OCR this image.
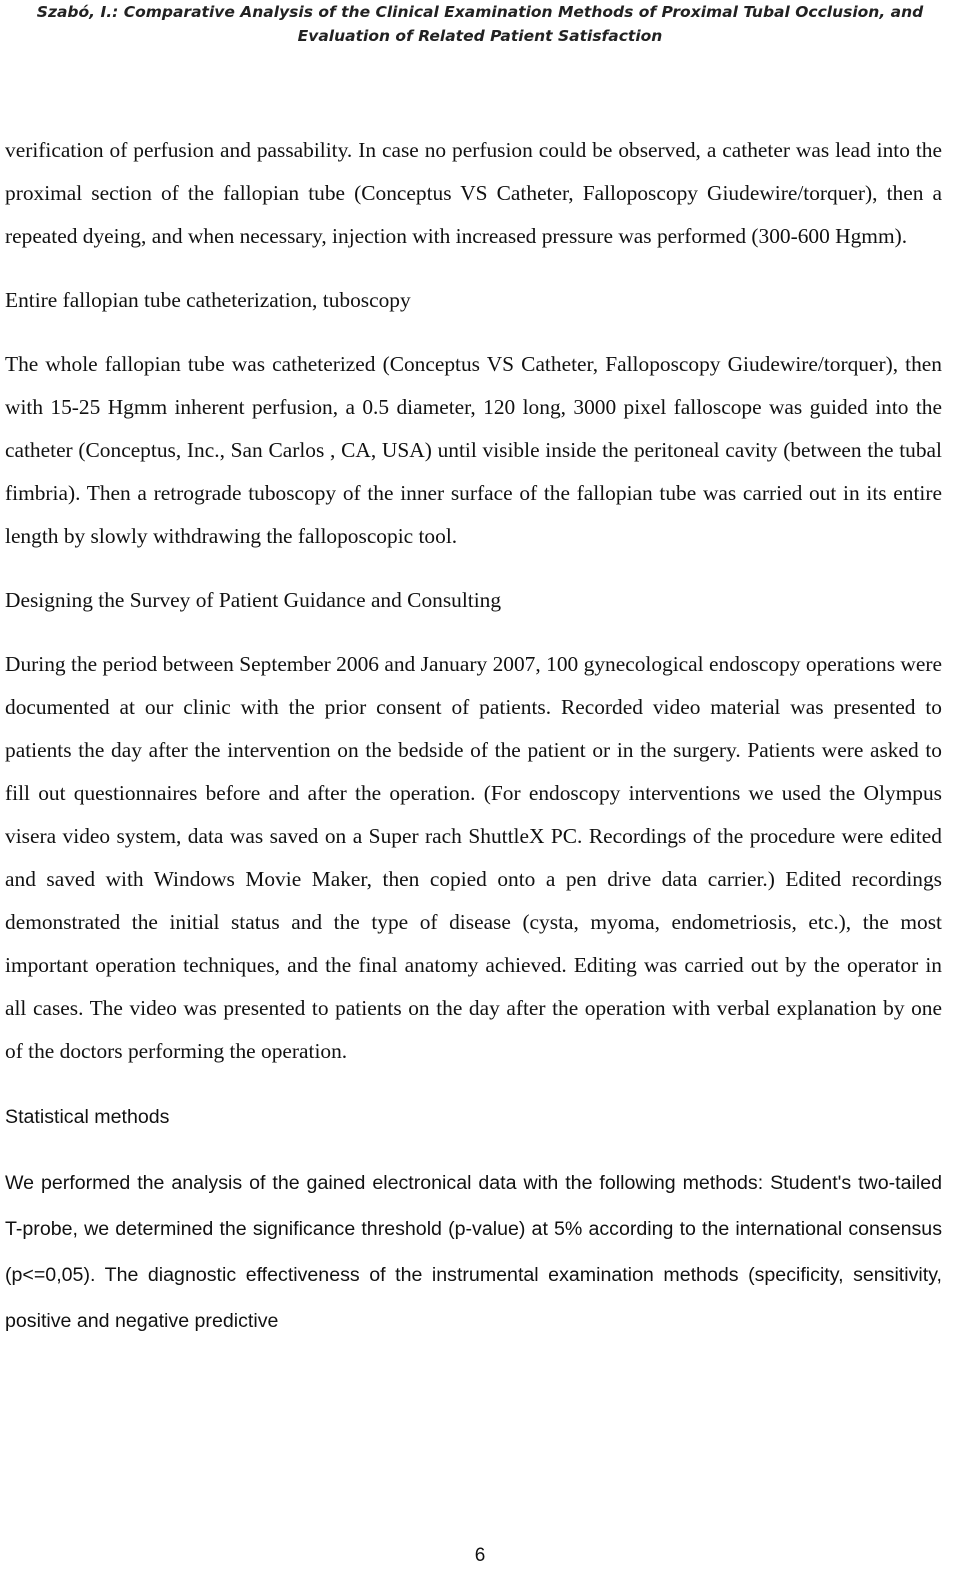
Szabó, I.: Comparative Analysis of the Clinical Examination Methods of Proximal Tubal Occlusion, and
Evaluation of Related Patient Satisfaction

verification of perfusion and passability. In case no perfusion could be observed, a catheter was lead into the proximal section of the fallopian tube (Conceptus VS Catheter, Falloposcopy Giudewire/torquer), then a repeated dyeing, and when necessary, injection with increased pressure was performed (300-600 Hgmm).

Entire fallopian tube catheterization, tuboscopy

The whole fallopian tube was catheterized (Conceptus VS Catheter, Falloposcopy Giudewire/torquer), then with 15-25 Hgmm inherent perfusion, a 0.5 diameter, 120 long, 3000 pixel falloscope was guided into the catheter (Conceptus, Inc., San Carlos , CA, USA) until visible inside the peritoneal cavity (between the tubal fimbria). Then a retrograde tuboscopy of the inner surface of the fallopian tube was carried out in its entire length by slowly withdrawing the falloposcopic tool.

Designing the Survey of Patient Guidance and Consulting

During the period between September 2006 and January 2007, 100 gynecological endoscopy operations were documented at our clinic with the prior consent of patients. Recorded video material was presented to patients the day after the intervention on the bedside of the patient or in the surgery. Patients were asked to fill out questionnaires before and after the operation. (For endoscopy interventions we used the Olympus visera video system, data was saved on a Super rach ShuttleX PC. Recordings of the procedure were edited and saved with Windows Movie Maker, then copied onto a pen drive data carrier.) Edited recordings demonstrated the initial status and the type of disease (cysta, myoma, endometriosis, etc.), the most important operation techniques, and the final anatomy achieved. Editing was carried out by the operator in all cases. The video was presented to patients on the day after the operation with verbal explanation by one of the doctors performing the operation.

Statistical methods

We performed the analysis of the gained electronical data with the following methods: Student's two-tailed T-probe, we determined the significance threshold (p-value) at 5% according to the international consensus (p<=0,05). The diagnostic effectiveness of the instrumental examination methods (specificity, sensitivity, positive and negative predictive

6
